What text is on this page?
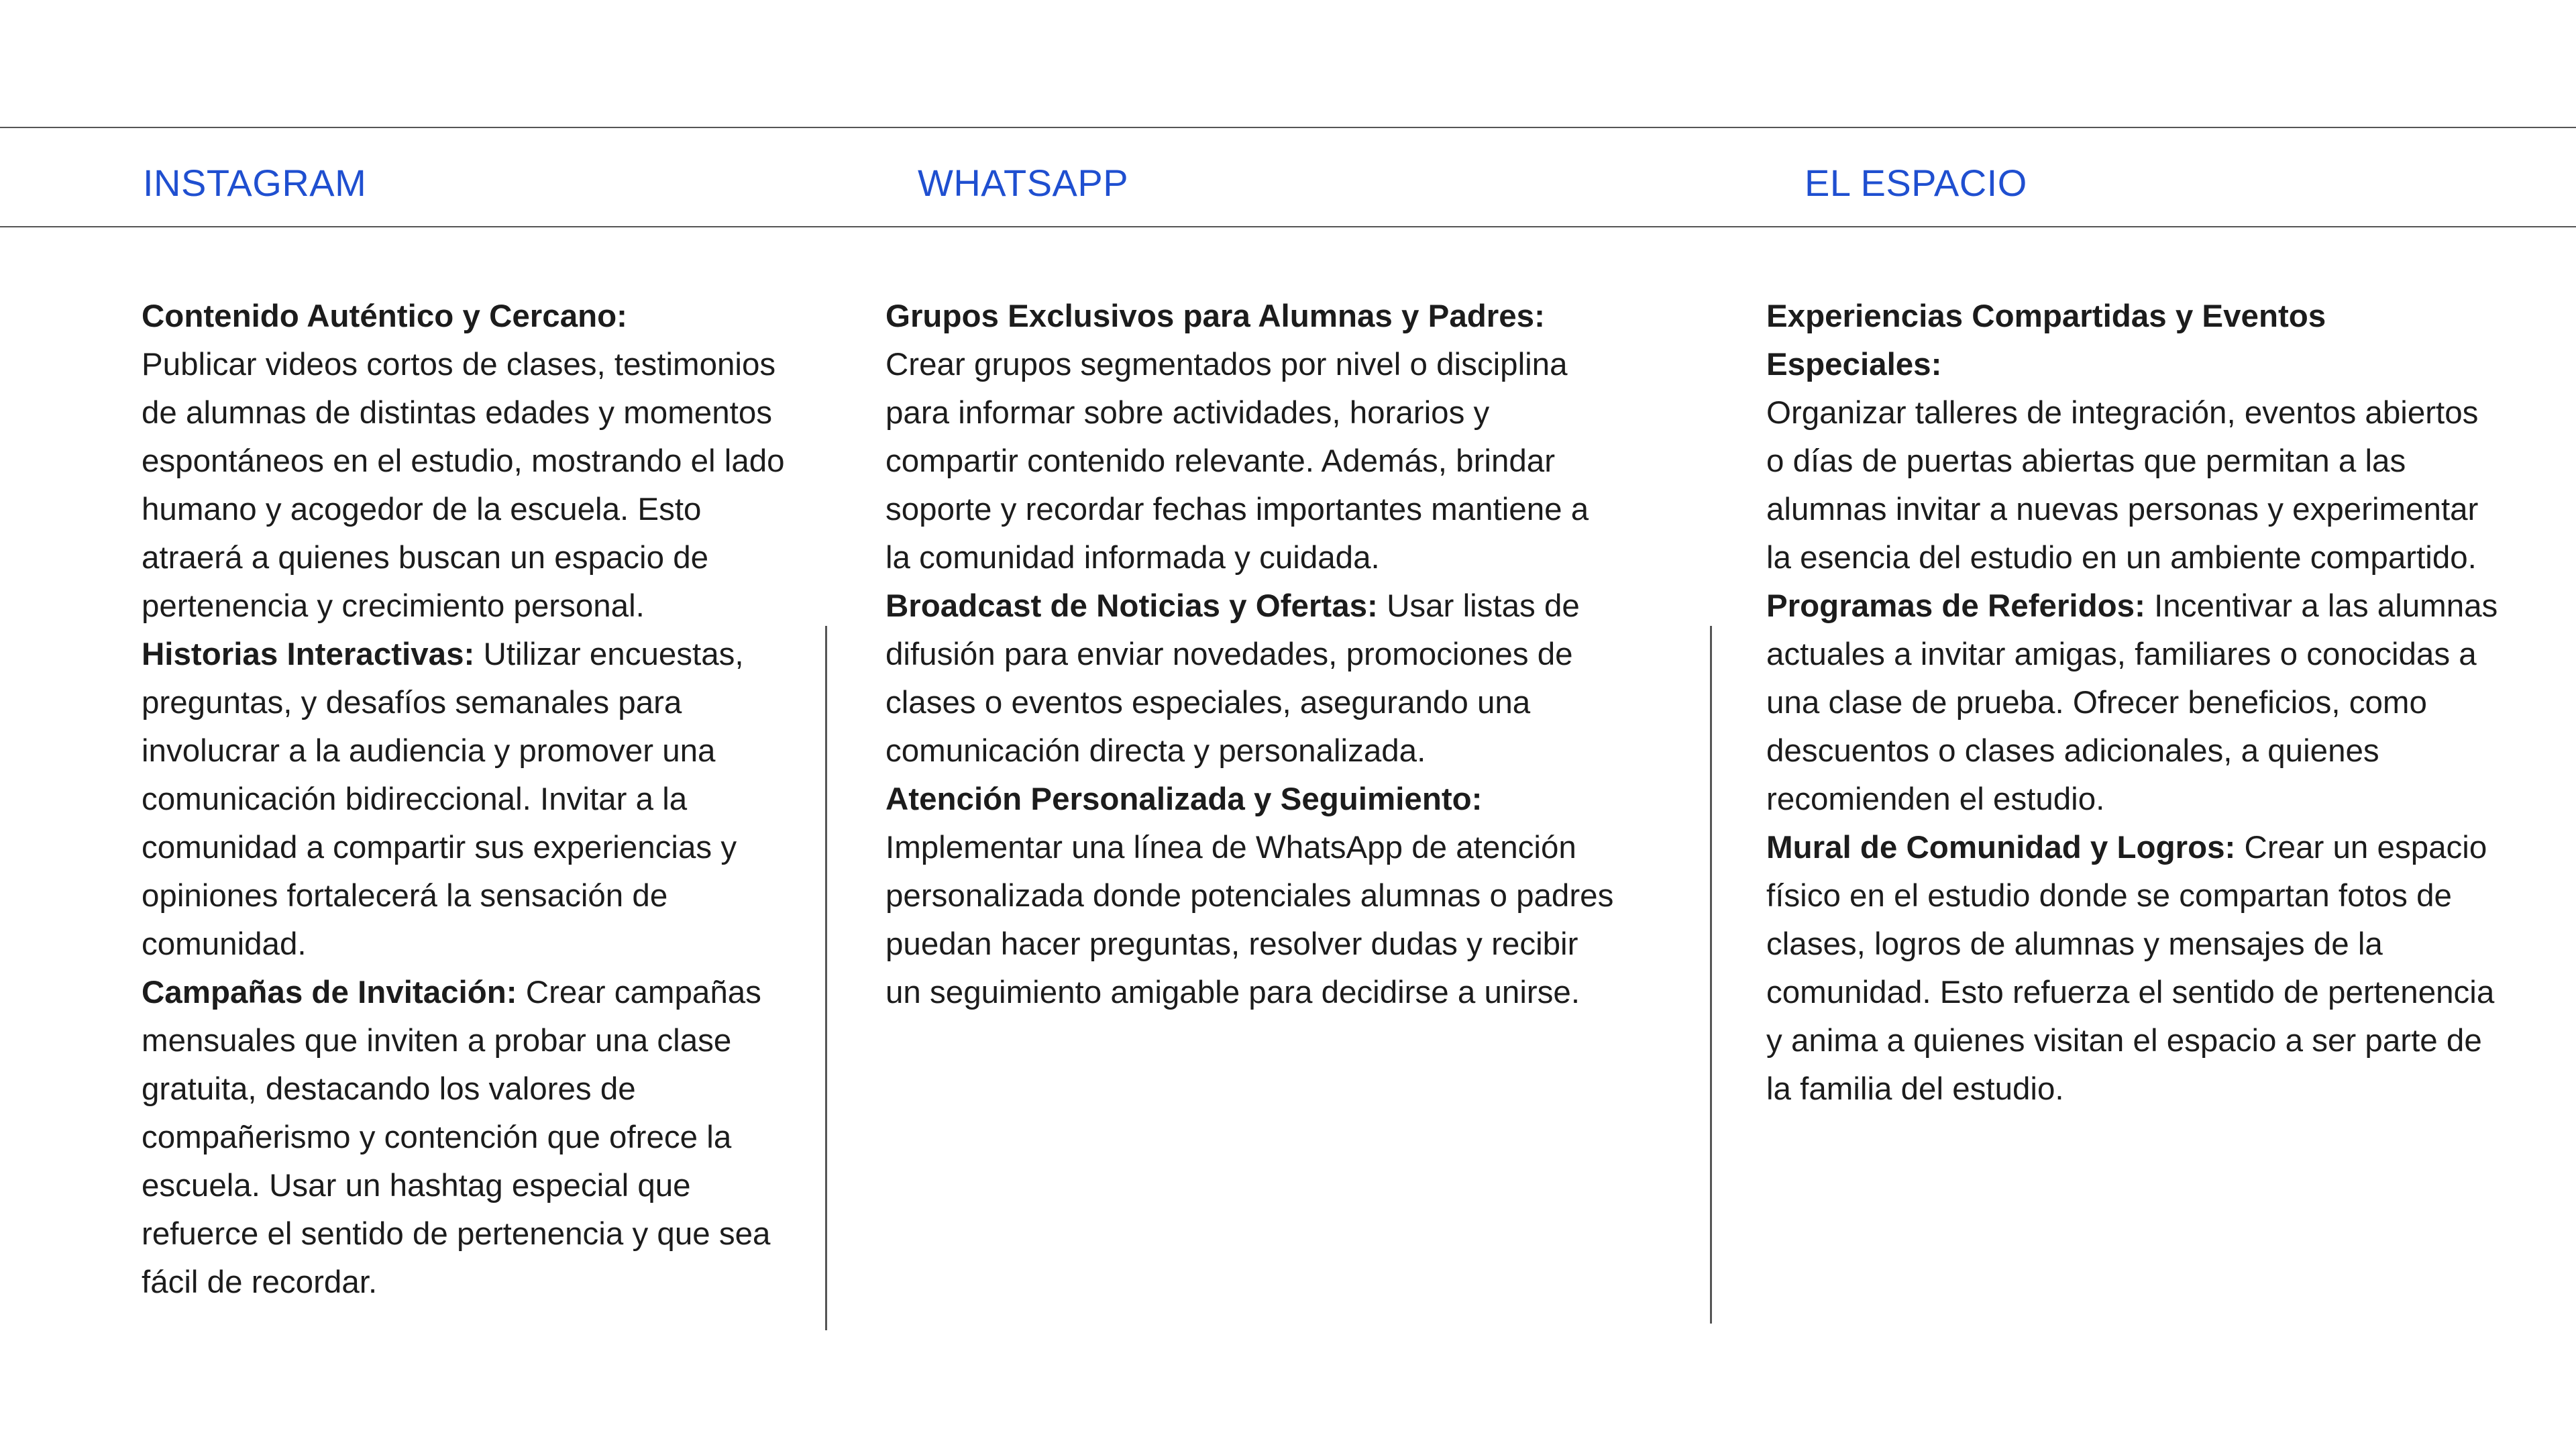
INSTAGRAM	WHATSAPP	EL ESPACIO

Contenido Auténtico y Cercano:
Publicar videos cortos de clases, testimonios de alumnas de distintas edades y momentos espontáneos en el estudio, mostrando el lado humano y acogedor de la escuela. Esto atraerá a quienes buscan un espacio de pertenencia y crecimiento personal.

Historias Interactivas: Utilizar encuestas, preguntas, y desafíos semanales para involucrar a la audiencia y promover una comunicación bidireccional. Invitar a la comunidad a compartir sus experiencias y opiniones fortalecerá la sensación de comunidad.

Campañas de Invitación: Crear campañas mensuales que inviten a probar una clase gratuita, destacando los valores de compañerismo y contención que ofrece la escuela. Usar un hashtag especial que refuerce el sentido de pertenencia y que sea fácil de recordar.

Grupos Exclusivos para Alumnas y Padres: Crear grupos segmentados por nivel o disciplina para informar sobre actividades, horarios y compartir contenido relevante. Además, brindar soporte y recordar fechas importantes mantiene a la comunidad informada y cuidada.

Broadcast de Noticias y Ofertas: Usar listas de difusión para enviar novedades, promociones de clases o eventos especiales, asegurando una comunicación directa y personalizada.

Atención Personalizada y Seguimiento:
Implementar una línea de WhatsApp de atención personalizada donde potenciales alumnas o padres puedan hacer preguntas, resolver dudas y recibir un seguimiento amigable para decidirse a unirse.

Experiencias Compartidas y Eventos Especiales:
Organizar talleres de integración, eventos abiertos o días de puertas abiertas que permitan a las alumnas invitar a nuevas personas y experimentar la esencia del estudio en un ambiente compartido.

Programas de Referidos: Incentivar a las alumnas actuales a invitar amigas, familiares o conocidas a una clase de prueba. Ofrecer beneficios, como descuentos o clases adicionales, a quienes recomienden el estudio.

Mural de Comunidad y Logros: Crear un espacio físico en el estudio donde se compartan fotos de clases, logros de alumnas y mensajes de la comunidad. Esto refuerza el sentido de pertenencia y anima a quienes visitan el espacio a ser parte de la familia del estudio.
